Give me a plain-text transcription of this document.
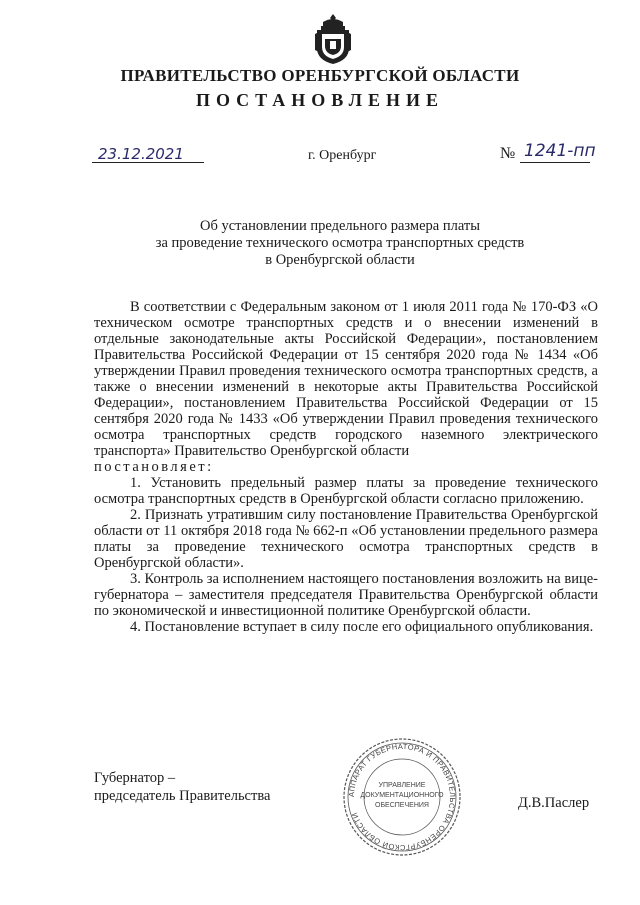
ПРАВИТЕЛЬСТВО ОРЕНБУРГСКОЙ ОБЛАСТИ
ПОСТАНОВЛЕНИЕ
23.12.2021	г. Оренбург	№ 1241-пп
Об установлении предельного размера платы
за проведение технического осмотра транспортных средств
в Оренбургской области

В соответствии с Федеральным законом от 1 июля 2011 года № 170-ФЗ «О техническом осмотре транспортных средств и о внесении изменений в отдельные законодательные акты Российской Федерации», постановлением Правительства Российской Федерации от 15 сентября 2020 года № 1434 «Об утверждении Правил проведения технического осмотра транспортных средств, а также о внесении изменений в некоторые акты Правительства Российской Федерации», постановлением Правительства Российской Федерации от 15 сентября 2020 года № 1433 «Об утверждении Правил проведения технического осмотра транспортных средств городского наземного электрического транспорта» Правительство Оренбургской области

постановляет:

1. Установить предельный размер платы за проведение технического осмотра транспортных средств в Оренбургской области согласно приложению.

2. Признать утратившим силу постановление Правительства Оренбургской области от 11 октября 2018 года № 662-п «Об установлении предельного размера платы за проведение технического осмотра транспортных средств в Оренбургской области».

3. Контроль за исполнением настоящего постановления возложить на вице-губернатора – заместителя председателя Правительства Оренбургской области по экономической и инвестиционной политике Оренбургской области.

4. Постановление вступает в силу после его официального опубликования.

Губернатор –
председатель Правительства	Д.В.Паслер
АППАРАТ ГУБЕРНАТОРА И ПРАВИТЕЛЬСТВА ОРЕНБУРГСКОЙ ОБЛАСТИ
УПРАВЛЕНИЕ
ДОКУМЕНТАЦИОННОГО
ОБЕСПЕЧЕНИЯ
